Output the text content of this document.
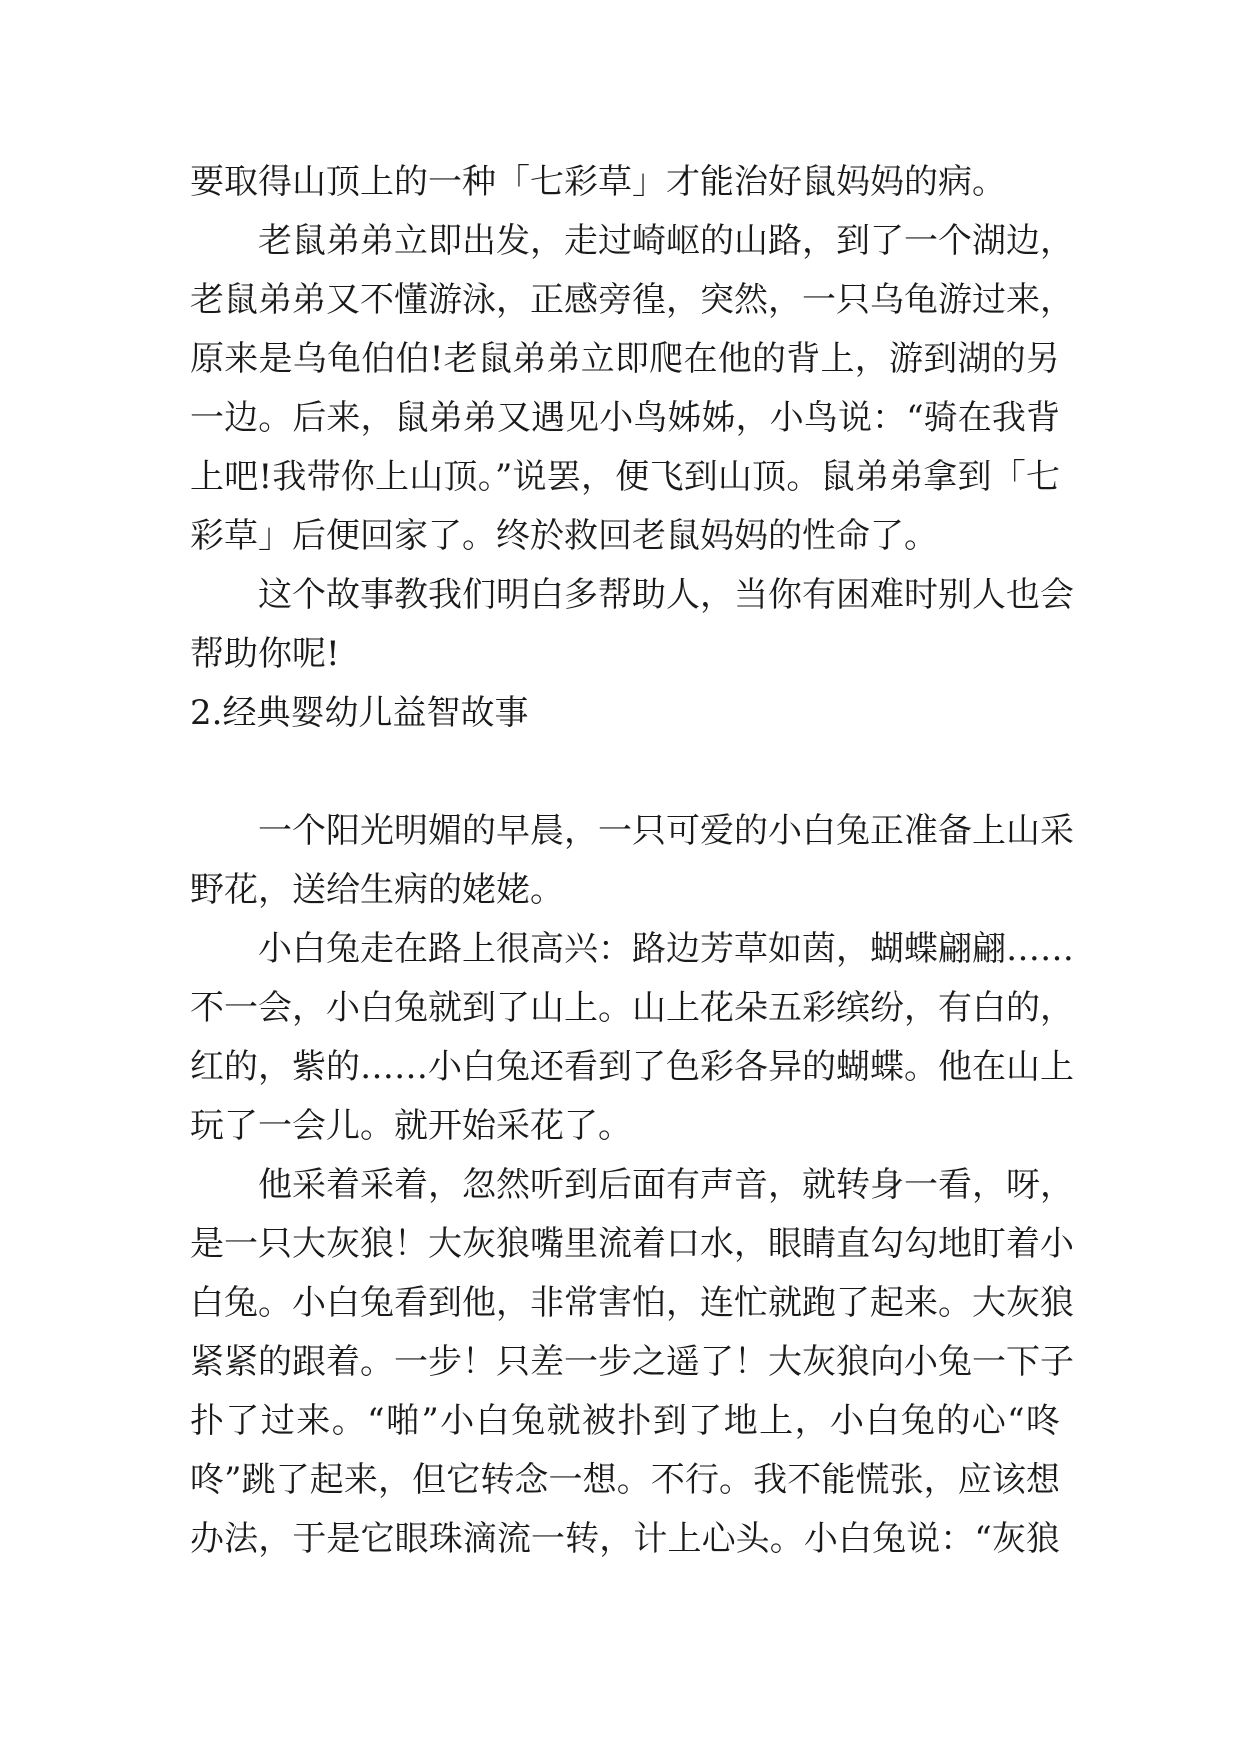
要取得山顶上的一种「七彩草」才能治好鼠妈妈的病。
老鼠弟弟立即出发，走过崎岖的山路，到了一个湖边，
老鼠弟弟又不懂游泳，正感旁徨，突然，一只乌龟游过来，
原来是乌龟伯伯!老鼠弟弟立即爬在他的背上，游到湖的另
一边。后来，鼠弟弟又遇见小鸟姊姊，小鸟说：“骑在我背
上吧!我带你上山顶。”说罢，便飞到山顶。鼠弟弟拿到「七
彩草」后便回家了。终於救回老鼠妈妈的性命了。
这个故事教我们明白多帮助人，当你有困难时别人也会
帮助你呢!
2.经典婴幼儿益智故事
一个阳光明媚的早晨，一只可爱的小白兔正准备上山采
野花，送给生病的姥姥。
小白兔走在路上很高兴：路边芳草如茵，蝴蝶翩翩……
不一会，小白兔就到了山上。山上花朵五彩缤纷，有白的，
红的，紫的……小白兔还看到了色彩各异的蝴蝶。他在山上
玩了一会儿。就开始采花了。
他采着采着，忽然听到后面有声音，就转身一看，呀，
是一只大灰狼！大灰狼嘴里流着口水，眼睛直勾勾地盯着小
白兔。小白兔看到他，非常害怕，连忙就跑了起来。大灰狼
紧紧的跟着。一步！只差一步之遥了！大灰狼向小兔一下子
扑了过来。“啪”小白兔就被扑到了地上，小白兔的心“咚
咚”跳了起来，但它转念一想。不行。我不能慌张，应该想
办法，于是它眼珠滴流一转，计上心头。小白兔说：“灰狼
